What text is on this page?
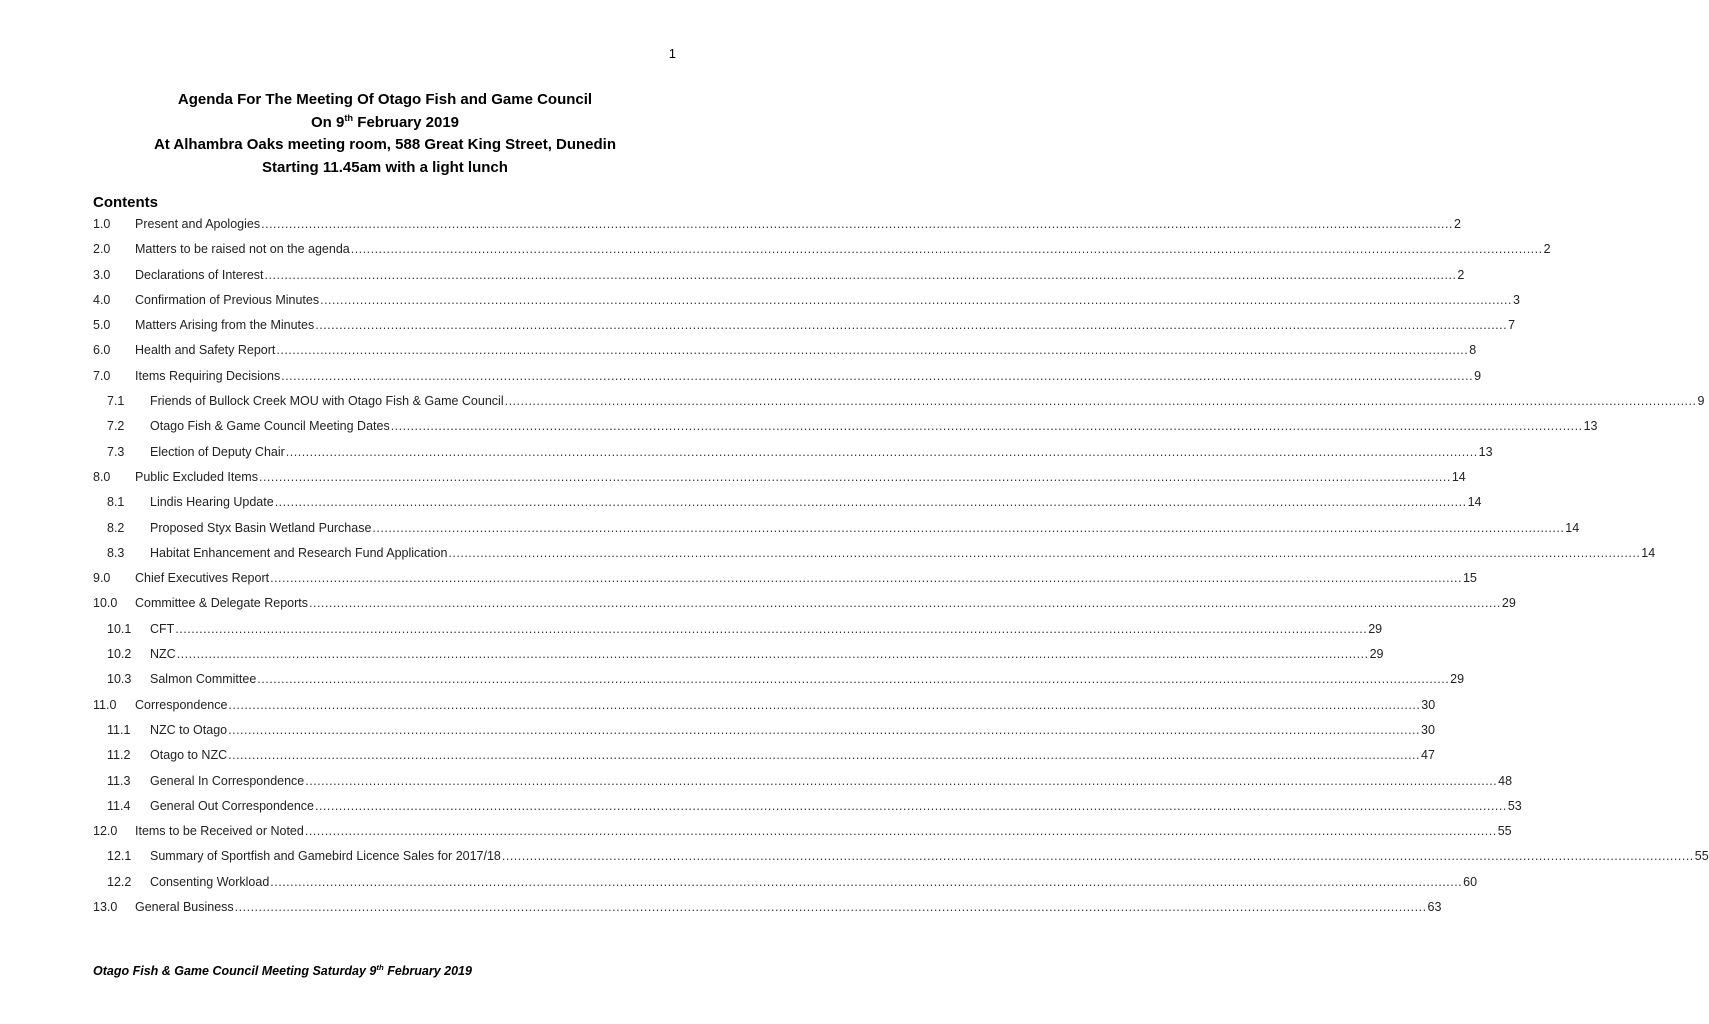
1
Agenda For The Meeting Of Otago Fish and Game Council
On 9th February 2019
At Alhambra Oaks meeting room, 588 Great King Street, Dunedin
Starting 11.45am with a light lunch
Contents
1.0	Present and Apologies ............................................................................................................................................................................................................................................................................................................ 2
2.0	Matters to be raised not on the agenda ............................................................................................................................................................................................................................................................................................................ 2
3.0	Declarations of Interest ............................................................................................................................................................................................................................................................................................................ 2
4.0	Confirmation of Previous Minutes ............................................................................................................................................................................................................................................................................................................ 3
5.0	Matters Arising from the Minutes ............................................................................................................................................................................................................................................................................................................ 7
6.0	Health and Safety Report ............................................................................................................................................................................................................................................................................................................ 8
7.0	Items Requiring Decisions ............................................................................................................................................................................................................................................................................................................ 9
7.1	Friends of Bullock Creek MOU with Otago Fish & Game Council ............................................................................................................................................................................................................................................................................................................ 9
7.2	Otago Fish & Game Council Meeting Dates ............................................................................................................................................................................................................................................................................................................ 13
7.3	Election of Deputy Chair ............................................................................................................................................................................................................................................................................................................ 13
8.0	Public Excluded Items ............................................................................................................................................................................................................................................................................................................ 14
8.1	Lindis Hearing Update ............................................................................................................................................................................................................................................................................................................ 14
8.2	Proposed Styx Basin Wetland Purchase ............................................................................................................................................................................................................................................................................................................ 14
8.3	Habitat Enhancement and Research Fund Application ............................................................................................................................................................................................................................................................................................................ 14
9.0	Chief Executives Report ............................................................................................................................................................................................................................................................................................................ 15
10.0	Committee & Delegate Reports ............................................................................................................................................................................................................................................................................................................ 29
10.1	CFT ............................................................................................................................................................................................................................................................................................................ 29
10.2	NZC ............................................................................................................................................................................................................................................................................................................ 29
10.3	Salmon Committee ............................................................................................................................................................................................................................................................................................................ 29
11.0	Correspondence ............................................................................................................................................................................................................................................................................................................ 30
11.1	NZC to Otago ............................................................................................................................................................................................................................................................................................................ 30
11.2	Otago to NZC ............................................................................................................................................................................................................................................................................................................ 47
11.3	General In Correspondence ............................................................................................................................................................................................................................................................................................................ 48
11.4	General Out Correspondence ............................................................................................................................................................................................................................................................................................................ 53
12.0	Items to be Received or Noted ............................................................................................................................................................................................................................................................................................................ 55
12.1	Summary of Sportfish and Gamebird Licence Sales for 2017/18 ............................................................................................................................................................................................................................................................................................................ 55
12.2	Consenting Workload ............................................................................................................................................................................................................................................................................................................ 60
13.0	General Business ............................................................................................................................................................................................................................................................................................................ 63
Otago Fish & Game Council Meeting Saturday 9th February 2019
